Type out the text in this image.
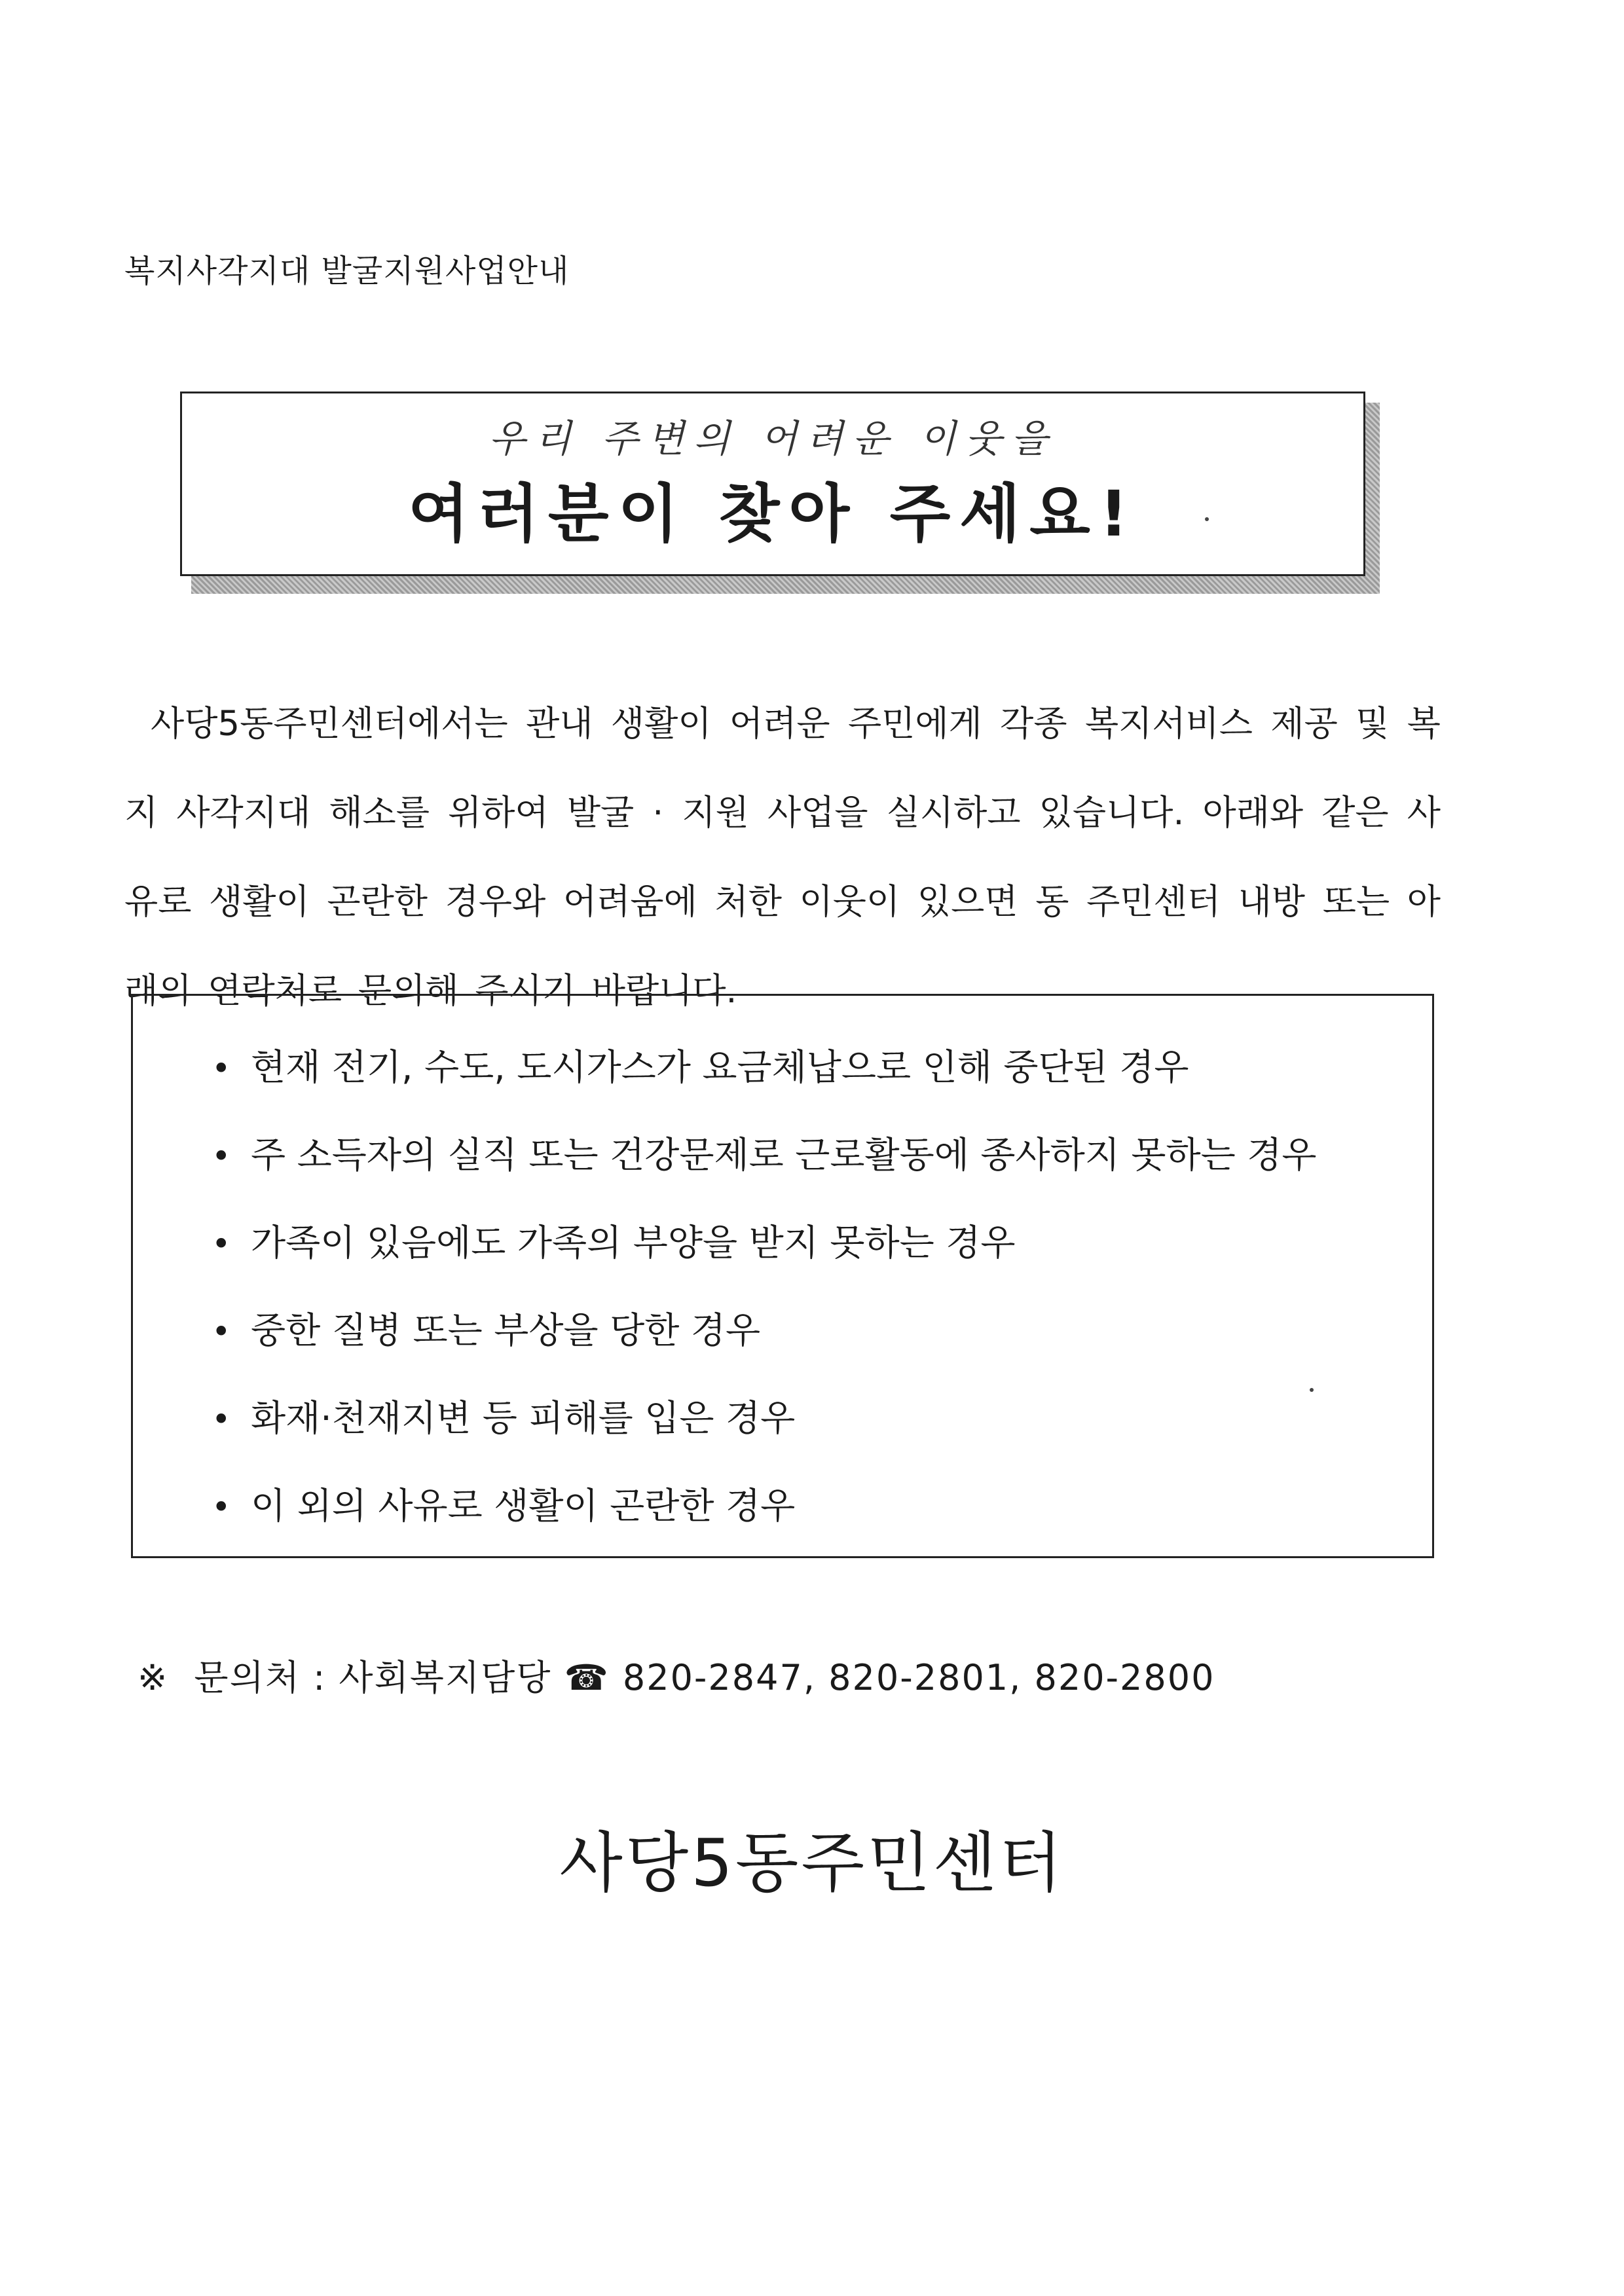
복지사각지대 발굴지원사업안내
우리 주변의 어려운 이웃을
여러분이 찾아 주세요!

사당5동주민센터에서는 관내 생활이 어려운 주민에게 각종 복지서비스 제공 및 복지 사각지대 해소를 위하여 발굴 · 지원 사업을 실시하고 있습니다. 아래와 같은 사유로 생활이 곤란한 경우와 어려움에 처한 이웃이 있으면 동 주민센터 내방 또는 아래의 연락처로 문의해 주시기 바랍니다.

• 현재 전기, 수도, 도시가스가 요금체납으로 인해 중단된 경우
• 주 소득자의 실직 또는 건강문제로 근로활동에 종사하지 못하는 경우
• 가족이 있음에도 가족의 부양을 받지 못하는 경우
• 중한 질병 또는 부상을 당한 경우
• 화재·천재지변 등 피해를 입은 경우
• 이 외의 사유로 생활이 곤란한 경우
※ 문의처 : 사회복지담당 ☎ 820-2847, 820-2801, 820-2800
사당5동주민센터
